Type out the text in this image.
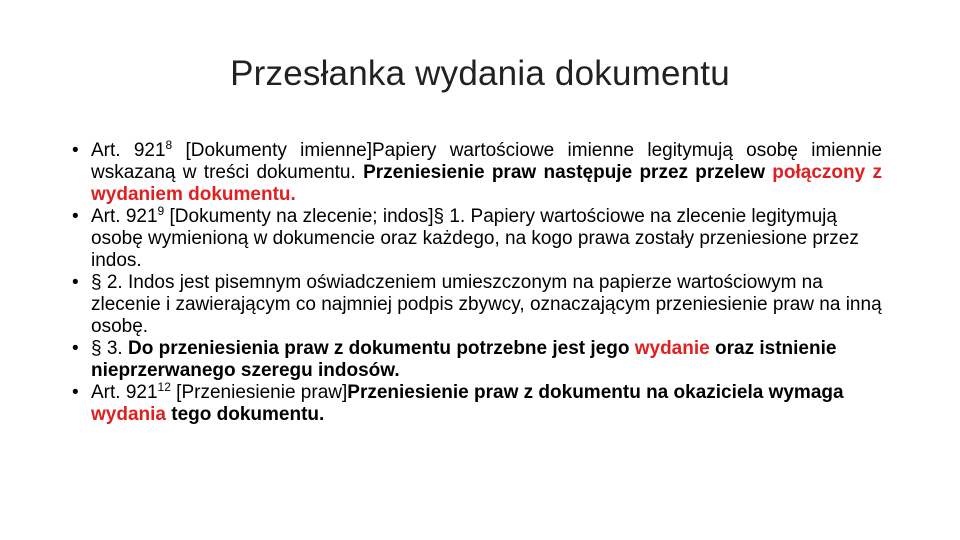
Przesłanka wydania dokumentu
• Art. $921^8$ [Dokumenty imienne]Papiery wartościowe imienne legitymują osobę imiennie wskazaną w treści dokumentu. Przeniesienie praw następuje przez przelew połączony z wydaniem dokumentu.
• Art. $921^9$ [Dokumenty na zlecenie; indos]§ 1. Papiery wartościowe na zlecenie legitymują osobę wymienioną w dokumencie oraz każdego, na kogo prawa zostały przeniesione przez indos.
• § 2. Indos jest pisemnym oświadczeniem umieszczonym na papierze wartościowym na zlecenie i zawierającym co najmniej podpis zbywcy, oznaczającym przeniesienie praw na inną osobę.
• § 3. Do przeniesienia praw z dokumentu potrzebne jest jego wydanie oraz istnienie nieprzerwanego szeregu indosów.
• Art. $921^{12}$ [Przeniesienie praw]Przeniesienie praw z dokumentu na okaziciela wymaga wydania tego dokumentu.
